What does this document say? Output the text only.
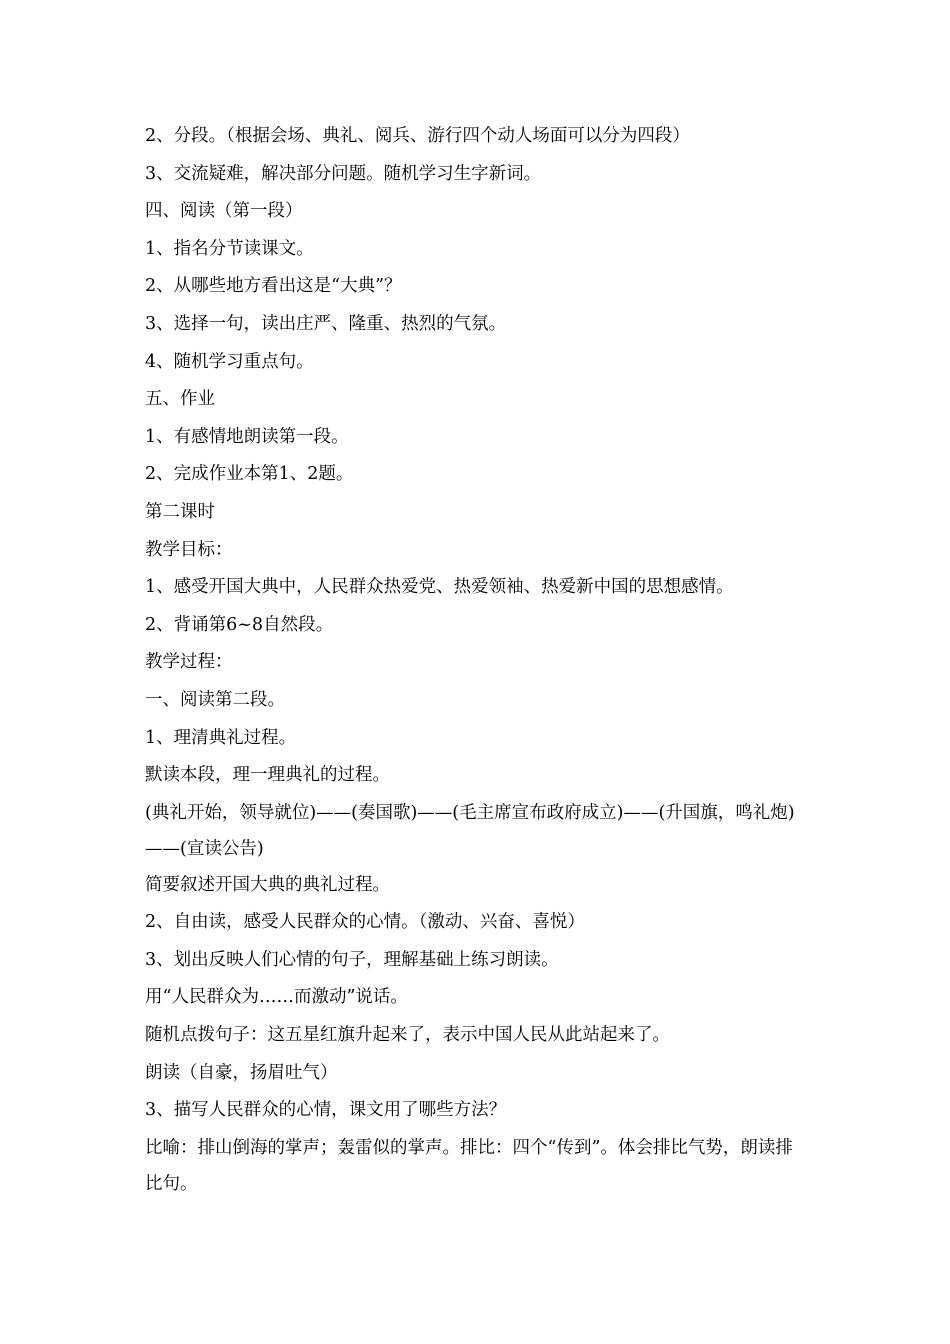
2、分段。（根据会场、典礼、阅兵、游行四个动人场面可以分为四段）

3、交流疑难，解决部分问题。随机学习生字新词。

四、阅读（第一段）

1、指名分节读课文。

2、从哪些地方看出这是“大典”？

3、选择一句，读出庄严、隆重、热烈的气氛。

4、随机学习重点句。

五、作业

1、有感情地朗读第一段。

2、完成作业本第1、2题。

第二课时

教学目标：

1、感受开国大典中，人民群众热爱党、热爱领袖、热爱新中国的思想感情。

2、背诵第6~8自然段。

教学过程：

一、阅读第二段。

1、理清典礼过程。

默读本段，理一理典礼的过程。

(典礼开始，领导就位)——(奏国歌)——(毛主席宣布政府成立)——(升国旗，鸣礼炮)——(宣读公告)

简要叙述开国大典的典礼过程。

2、自由读，感受人民群众的心情。（激动、兴奋、喜悦）

3、划出反映人们心情的句子，理解基础上练习朗读。

用“人民群众为……而激动”说话。

随机点拨句子：这五星红旗升起来了，表示中国人民从此站起来了。

朗读（自豪，扬眉吐气）

3、描写人民群众的心情，课文用了哪些方法？

比喻：排山倒海的掌声；轰雷似的掌声。排比：四个“传到”。体会排比气势，朗读排比句。
